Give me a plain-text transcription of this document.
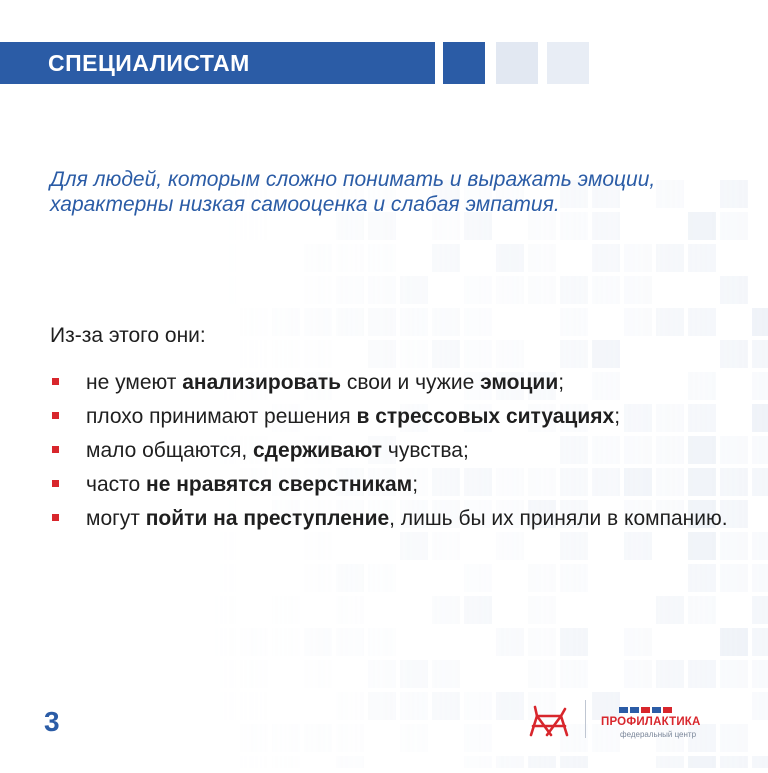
СПЕЦИАЛИСТАМ

Для людей, которым сложно понимать и выражать эмоции, характерны низкая самооценка и слабая эмпатия.

Из-за этого они:
не умеют анализировать свои и чужие эмоции;
плохо принимают решения в стрессовых ситуациях;
мало общаются, сдерживают чувства;
часто не нравятся сверстникам;
могут пойти на преступление, лишь бы их приняли в компанию.
3	ПРОФИЛАКТИКА
федеральный центр
